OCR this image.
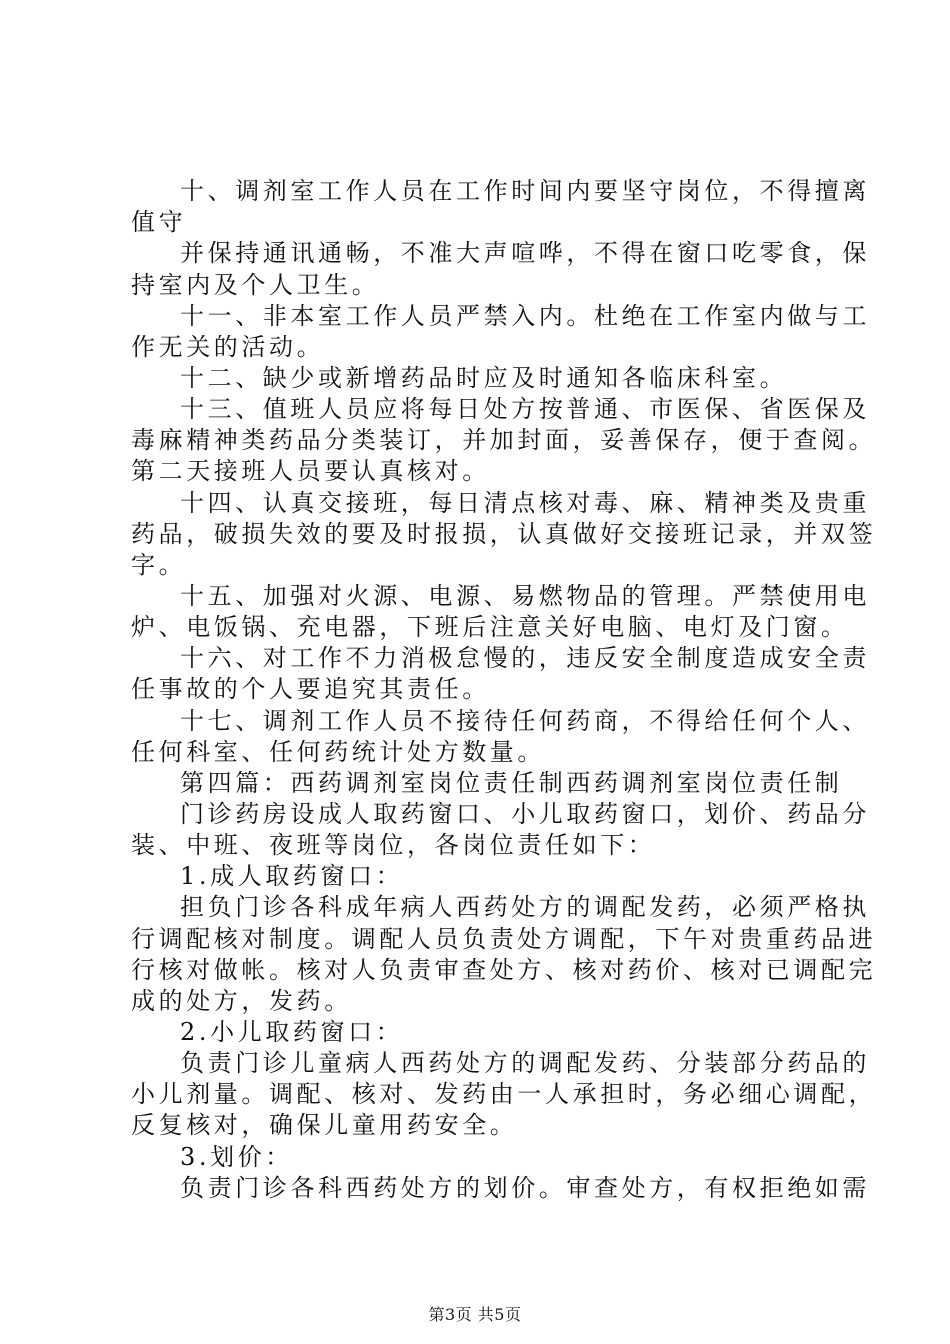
十、调剂室工作人员在工作时间内要坚守岗位，不得擅离
值守
并保持通讯通畅，不准大声喧哗，不得在窗口吃零食，保
持室内及个人卫生。
十一、非本室工作人员严禁入内。杜绝在工作室内做与工
作无关的活动。
十二、缺少或新增药品时应及时通知各临床科室。
十三、值班人员应将每日处方按普通、市医保、省医保及
毒麻精神类药品分类装订，并加封面，妥善保存，便于查阅。
第二天接班人员要认真核对。
十四、认真交接班，每日清点核对毒、麻、精神类及贵重
药品，破损失效的要及时报损，认真做好交接班记录，并双签
字。
十五、加强对火源、电源、易燃物品的管理。严禁使用电
炉、电饭锅、充电器，下班后注意关好电脑、电灯及门窗。
十六、对工作不力消极怠慢的，违反安全制度造成安全责
任事故的个人要追究其责任。
十七、调剂工作人员不接待任何药商，不得给任何个人、
任何科室、任何药统计处方数量。
第四篇：西药调剂室岗位责任制西药调剂室岗位责任制
门诊药房设成人取药窗口、小儿取药窗口，划价、药品分
装、中班、夜班等岗位，各岗位责任如下：
1.成人取药窗口：
担负门诊各科成年病人西药处方的调配发药，必须严格执
行调配核对制度。调配人员负责处方调配，下午对贵重药品进
行核对做帐。核对人负责审查处方、核对药价、核对已调配完
成的处方，发药。
2.小儿取药窗口：
负责门诊儿童病人西药处方的调配发药、分装部分药品的
小儿剂量。调配、核对、发药由一人承担时，务必细心调配，
反复核对，确保儿童用药安全。
3.划价：
负责门诊各科西药处方的划价。审查处方，有权拒绝如需
第3页 共5页
